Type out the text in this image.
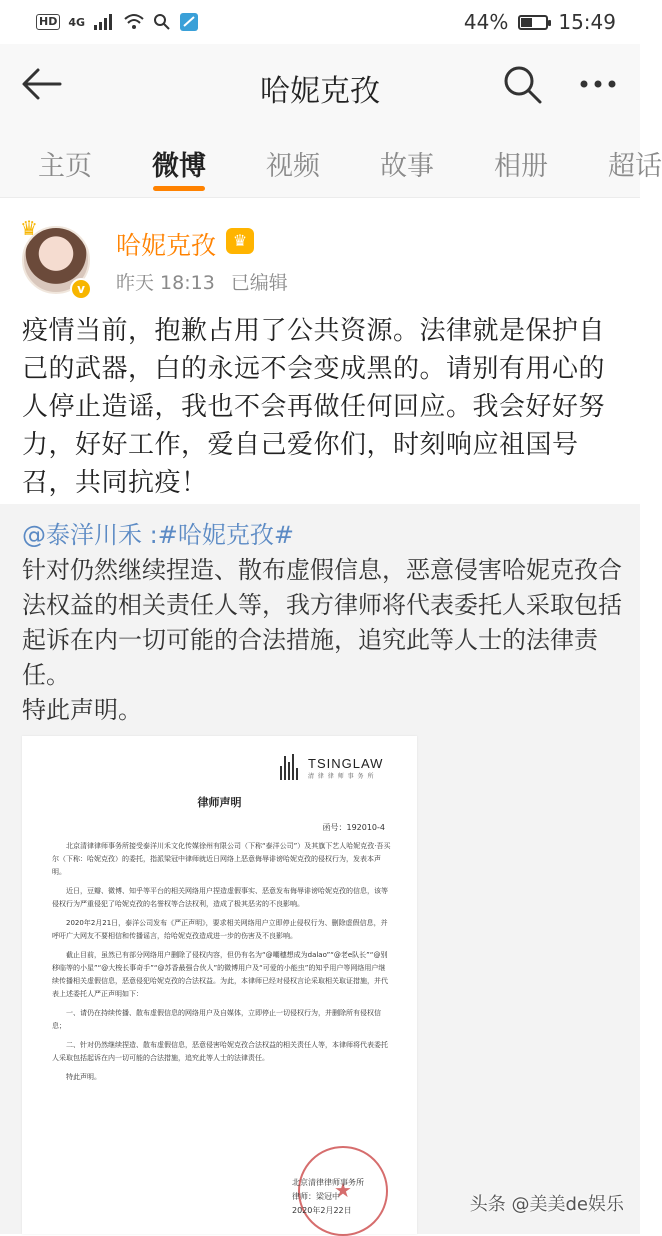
HD 4G	44%	15:49
哈妮克孜
主页 微博 视频 故事 相册 超话
♛
v
哈妮克孜	♛
昨天 18:13 已编辑
疫情当前，抱歉占用了公共资源。法律就是保护自己的武器，白的永远不会变成黑的。请别有用心的人停止造谣，我也不会再做任何回应。我会好好努力，好好工作，爱自己爱你们，时刻响应祖国号召，共同抗疫！
@泰洋川禾 :#哈妮克孜#
针对仍然继续捏造、散布虚假信息，恶意侵害哈妮克孜合法权益的相关责任人等，我方律师将代表委托人采取包括起诉在内一切可能的合法措施，追究此等人士的法律责任。
特此声明。
TSINGLAW
清 律 律 师 事 务 所
律师声明
函号：192010-4

北京清律律师事务所接受泰洋川禾文化传媒徐州有限公司（下称“泰洋公司”）及其旗下艺人哈妮克孜·吾买尔（下称：哈妮克孜）的委托，指派梁冠中律师就近日网络上恶意侮辱诽谤哈妮克孜的侵权行为，发表本声明。

近日，豆瓣、微博、知乎等平台的相关网络用户捏造虚假事实、恶意发布侮辱诽谤哈妮克孜的信息，该等侵权行为严重侵犯了哈妮克孜的名誉权等合法权利，造成了极其恶劣的不良影响。

2020年2月21日，泰洋公司发布《严正声明》，要求相关网络用户立即停止侵权行为、删除虚假信息，并呼吁广大网友不要相信和传播谣言，给哈妮克孜造成进一步的伤害及不良影响。

截止目前，虽然已有部分网络用户删除了侵权内容，但仍有名为“@嘲穗想成为dalao”“@老e队长”“@别移临等的小星”“@大梭长事奇手”“@苏香最强合伙人”的微博用户及“可爱的小能虫”的知乎用户等网络用户继续传播相关虚假信息，恶意侵犯哈妮克孜的合法权益。为此，本律师已经对侵权言论采取相关取证措施，并代表上述委托人严正声明如下：

一、请仍在持续传播、散布虚假信息的网络用户及自媒体，立即停止一切侵权行为，并删除所有侵权信息；

二、针对仍然继续捏造、散布虚假信息，恶意侵害哈妮克孜合法权益的相关责任人等，本律师将代表委托人采取包括起诉在内一切可能的合法措施，追究此等人士的法律责任。

特此声明。

★
北京清律律师事务所
律师：梁冠中
2020年2月22日	头条 @美美de娱乐
